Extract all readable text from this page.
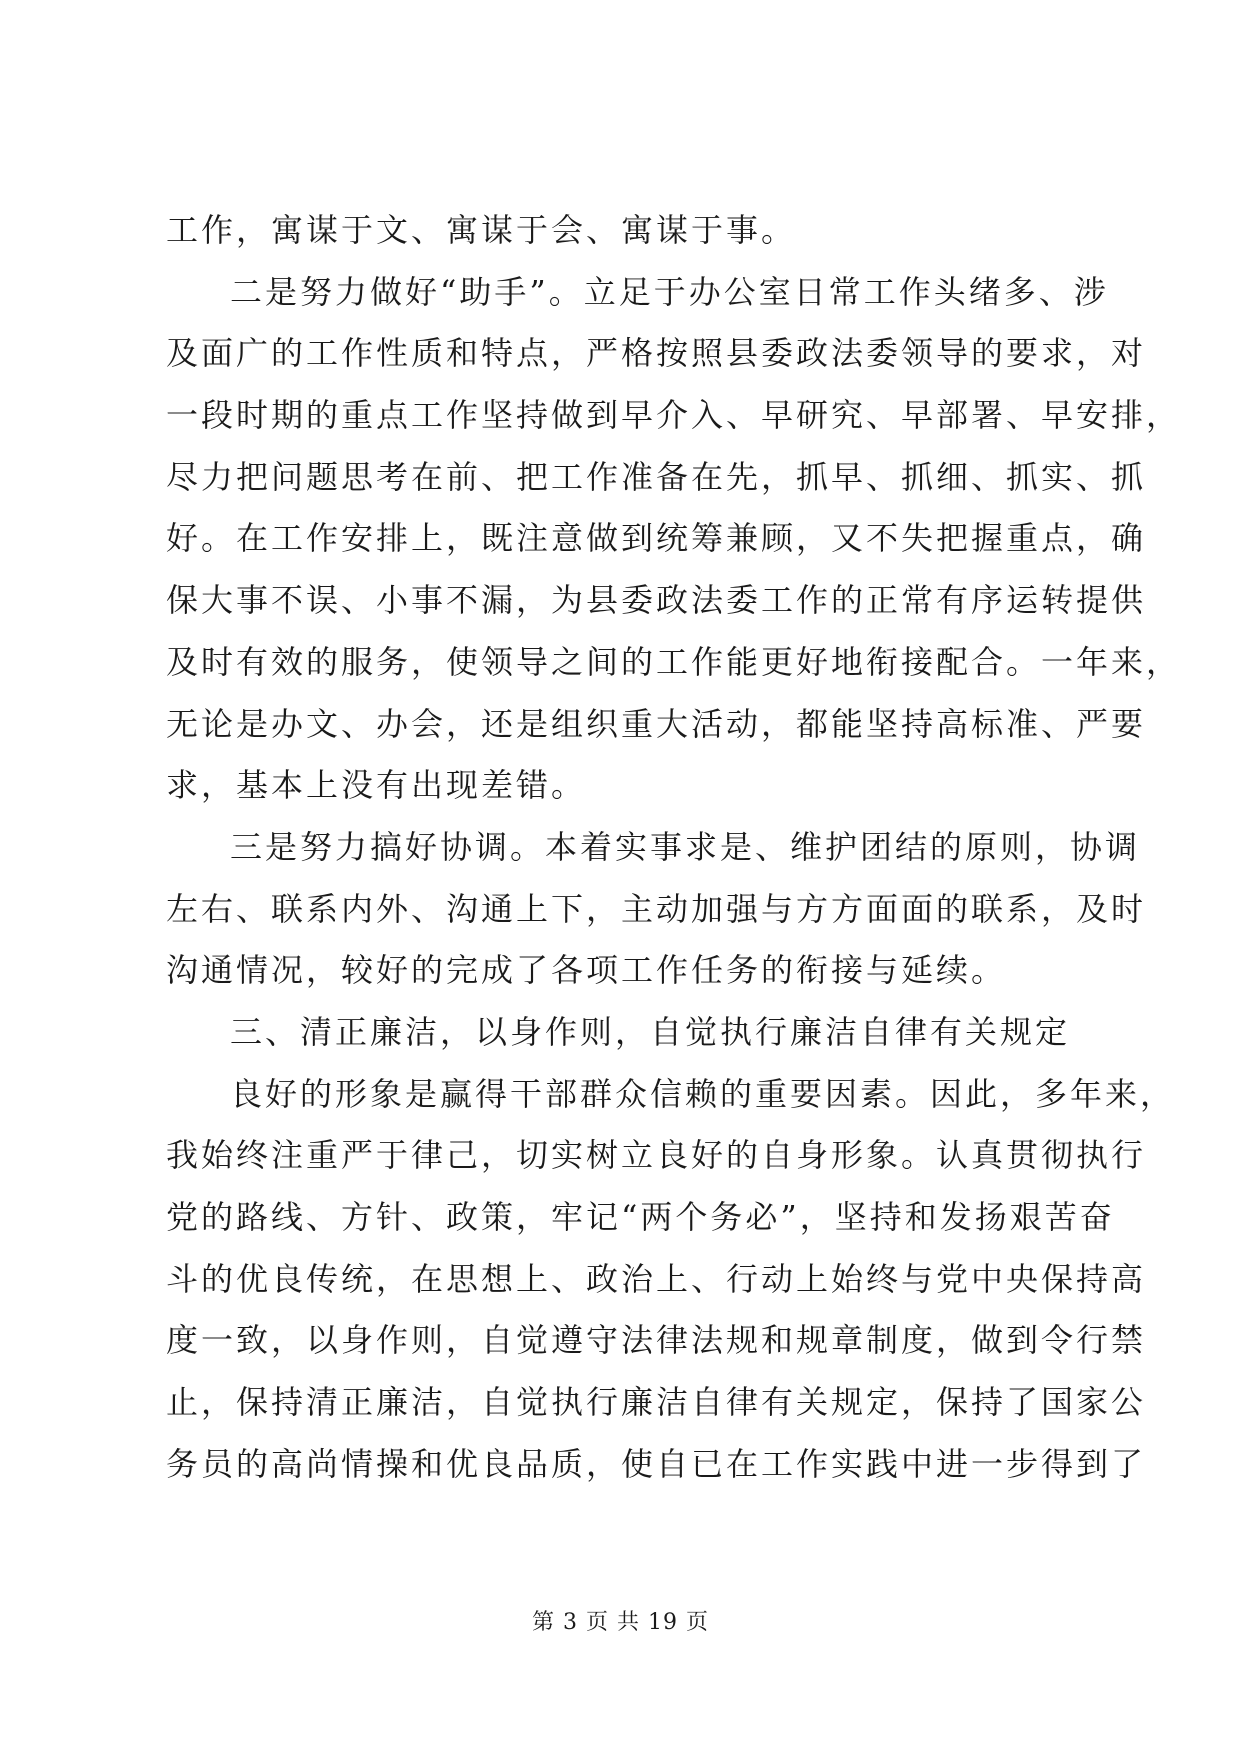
工作，寓谋于文、寓谋于会、寓谋于事。
二是努力做好“助手”。立足于办公室日常工作头绪多、涉
及面广的工作性质和特点，严格按照县委政法委领导的要求，对
一段时期的重点工作坚持做到早介入、早研究、早部署、早安排，
尽力把问题思考在前、把工作准备在先，抓早、抓细、抓实、抓
好。在工作安排上，既注意做到统筹兼顾，又不失把握重点，确
保大事不误、小事不漏，为县委政法委工作的正常有序运转提供
及时有效的服务，使领导之间的工作能更好地衔接配合。一年来，
无论是办文、办会，还是组织重大活动，都能坚持高标准、严要
求，基本上没有出现差错。
三是努力搞好协调。本着实事求是、维护团结的原则，协调
左右、联系内外、沟通上下，主动加强与方方面面的联系，及时
沟通情况，较好的完成了各项工作任务的衔接与延续。
三、清正廉洁，以身作则，自觉执行廉洁自律有关规定
良好的形象是赢得干部群众信赖的重要因素。因此，多年来，
我始终注重严于律己，切实树立良好的自身形象。认真贯彻执行
党的路线、方针、政策，牢记“两个务必”，坚持和发扬艰苦奋
斗的优良传统，在思想上、政治上、行动上始终与党中央保持高
度一致，以身作则，自觉遵守法律法规和规章制度，做到令行禁
止，保持清正廉洁，自觉执行廉洁自律有关规定，保持了国家公
务员的高尚情操和优良品质，使自已在工作实践中进一步得到了
第 3 页 共 19 页
